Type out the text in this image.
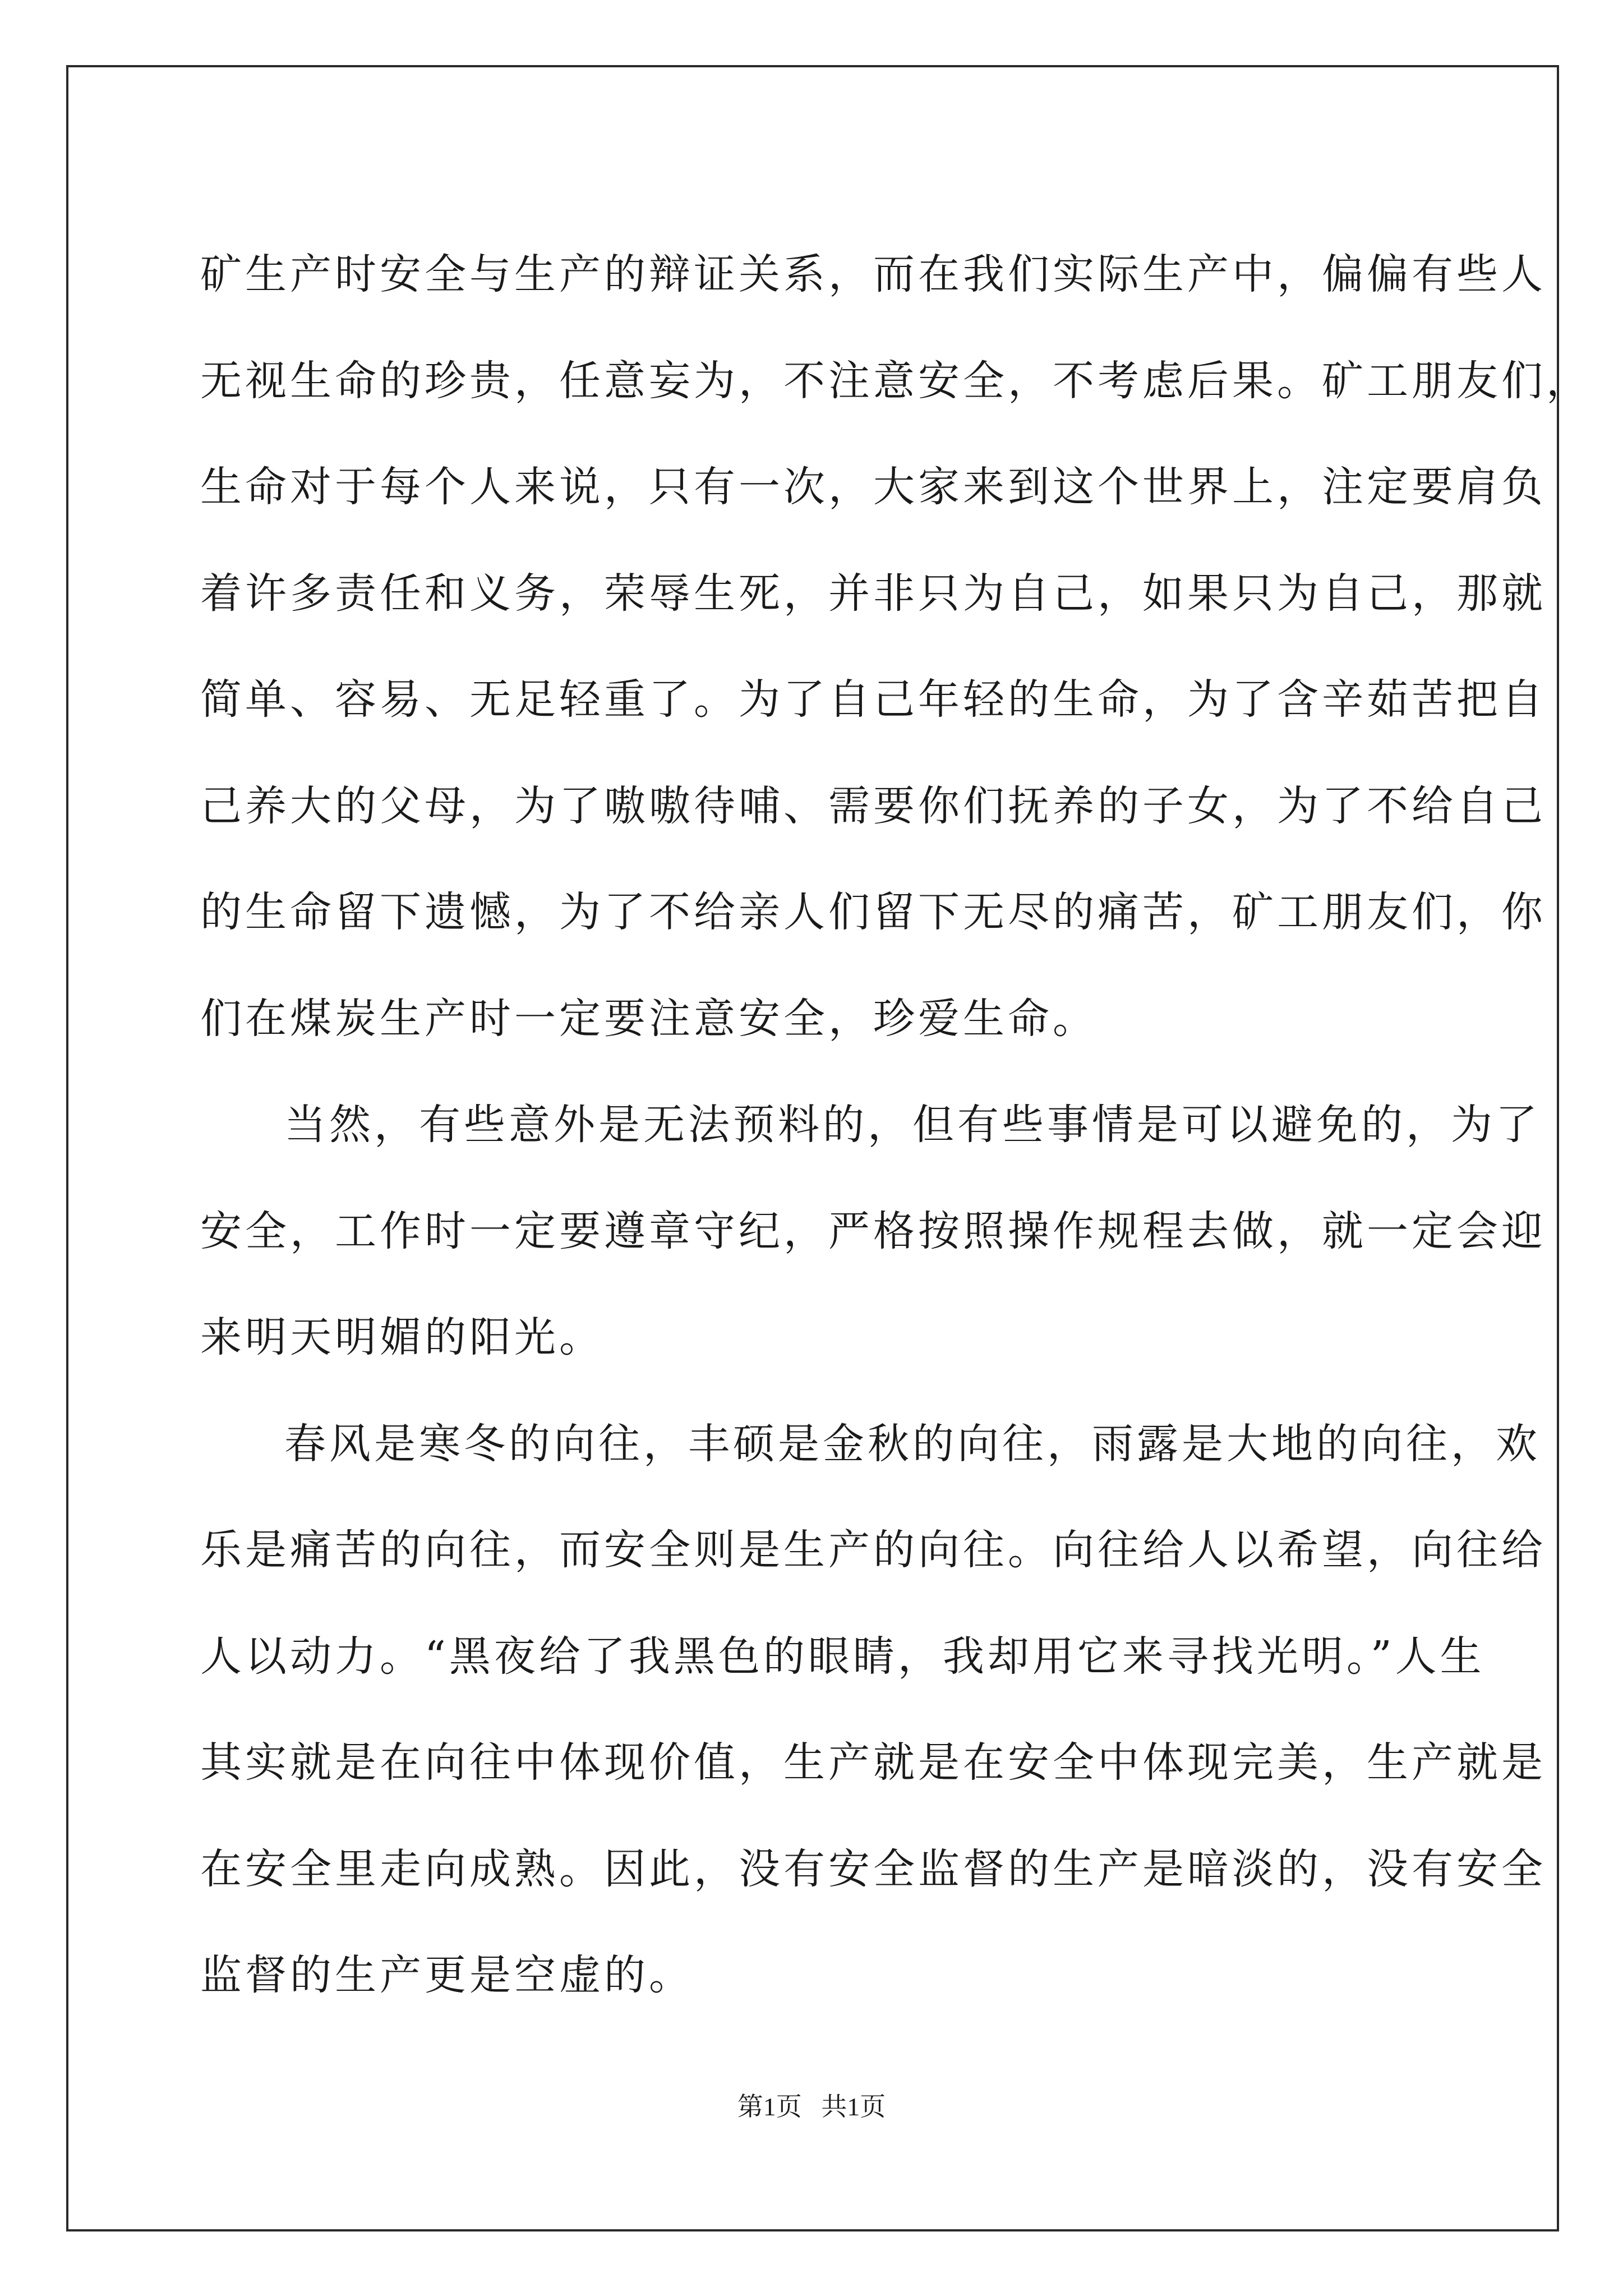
矿生产时安全与生产的辩证关系，而在我们实际生产中，偏偏有些人
无视生命的珍贵，任意妄为，不注意安全，不考虑后果。矿工朋友们，
生命对于每个人来说，只有一次，大家来到这个世界上，注定要肩负
着许多责任和义务，荣辱生死，并非只为自己，如果只为自己，那就
简单、容易、无足轻重了。为了自己年轻的生命，为了含辛茹苦把自
己养大的父母，为了嗷嗷待哺、需要你们抚养的子女，为了不给自己
的生命留下遗憾，为了不给亲人们留下无尽的痛苦，矿工朋友们，你
们在煤炭生产时一定要注意安全，珍爱生命。
当然，有些意外是无法预料的，但有些事情是可以避免的，为了
安全，工作时一定要遵章守纪，严格按照操作规程去做，就一定会迎
来明天明媚的阳光。
春风是寒冬的向往，丰硕是金秋的向往，雨露是大地的向往，欢
乐是痛苦的向往，而安全则是生产的向往。向往给人以希望，向往给
人以动力。“黑夜给了我黑色的眼睛，我却用它来寻找光明。”人生
其实就是在向往中体现价值，生产就是在安全中体现完美，生产就是
在安全里走向成熟。因此，没有安全监督的生产是暗淡的，没有安全
监督的生产更是空虚的。
第1页   共1页
